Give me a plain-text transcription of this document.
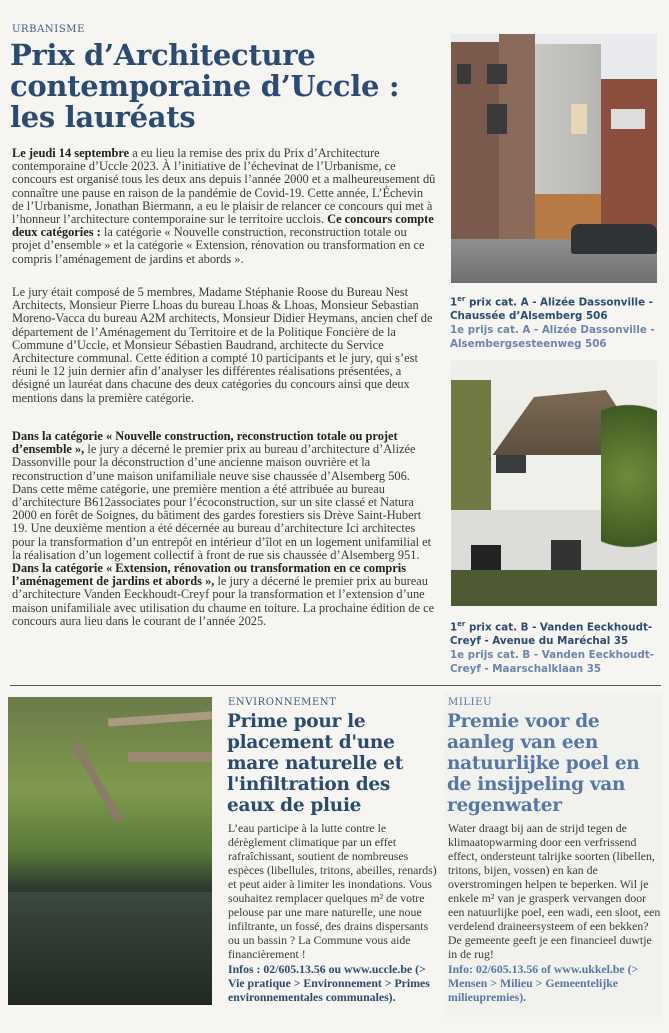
URBANISME
Prix d’Architecture
contemporaine d’Uccle :
les lauréats
Le jeudi 14 septembre a eu lieu la remise des prix du Prix d’Architecture contemporaine d’Uccle 2023. À l’initiative de l’échevinat de l’Urbanisme, ce concours est organisé tous les deux ans depuis l’année 2000 et a malheureusement dû connaître une pause en raison de la pandémie de Covid-19. Cette année, L’Échevin de l’Urbanisme, Jonathan Biermann, a eu le plaisir de relancer ce concours qui met à l’honneur l’architecture contemporaine sur le territoire ucclois. Ce concours compte deux catégories : la catégorie « Nouvelle construction, reconstruction totale ou projet d’ensemble » et la catégorie « Extension, rénovation ou transformation en ce compris l’aménagement de jardins et abords ».
Le jury était composé de 5 membres, Madame Stéphanie Roose du Bureau Nest Architects, Monsieur Pierre Lhoas du bureau Lhoas & Lhoas, Monsieur Sebastian Moreno-Vacca du bureau A2M architects, Monsieur Didier Heymans, ancien chef de département de l’Aménagement du Territoire et de la Politique Foncière de la Commune d’Uccle, et Monsieur Sébastien Baudrand, architecte du Service Architecture communal. Cette édition a compté 10 participants et le jury, qui s’est réuni le 12 juin dernier afin d’analyser les différentes réalisations présentées, a désigné un lauréat dans chacune des deux catégories du concours ainsi que deux mentions dans la première catégorie.
Dans la catégorie « Nouvelle construction, reconstruction totale ou projet d’ensemble », le jury a décerné le premier prix au bureau d’architecture d’Alizée Dassonville pour la déconstruction d’une ancienne maison ouvrière et la reconstruction d’une maison unifamiliale neuve sise chaussée d’Alsemberg 506. Dans cette même catégorie, une première mention a été attribuée au bureau d’architecture B612associates pour l’écoconstruction, sur un site classé et Natura 2000 en forêt de Soignes, du bâtiment des gardes forestiers sis Drève Saint-Hubert 19. Une deuxième mention a été décernée au bureau d’architecture Ici architectes pour la transformation d’un entrepôt en intérieur d’îlot en un logement unifamilial et la réalisation d’un logement collectif à front de rue sis chaussée d’Alsemberg 951. Dans la catégorie « Extension, rénovation ou transformation en ce compris l’aménagement de jardins et abords », le jury a décerné le premier prix au bureau d’architecture Vanden Eeckhoudt-Creyf pour la transformation et l’extension d’une maison unifamiliale avec utilisation du chaume en toiture. La prochaine édition de ce concours aura lieu dans le courant de l’année 2025.
1er prix cat. A - Alizée Dassonville - Chaussée d’Alsemberg 506
1e prijs cat. A - Alizée Dassonville - Alsembergsesteenweg 506
1er prix cat. B - Vanden Eeckhoudt-Creyf - Avenue du Maréchal 35
1e prijs cat. B - Vanden Eeckhoudt-Creyf - Maarschalklaan 35
ENVIRONNEMENT
Prime pour le placement d'une mare naturelle et l'infiltration des eaux de pluie
L’eau participe à la lutte contre le dérèglement climatique par un effet rafraîchissant, soutient de nombreuses espèces (libellules, tritons, abeilles, renards) et peut aider à limiter les inondations. Vous souhaitez remplacer quelques m² de votre pelouse par une mare naturelle, une noue infiltrante, un fossé, des drains dispersants ou un bassin ? La Commune vous aide financièrement !
Infos : 02/605.13.56 ou www.uccle.be (> Vie pratique > Environnement > Primes environnementales communales).
MILIEU
Premie voor de aanleg van een natuurlijke poel en de insijpeling van regenwater
Water draagt bij aan de strijd tegen de klimaatopwarming door een verfrissend effect, ondersteunt talrijke soorten (libellen, tritons, bijen, vossen) en kan de overstromingen helpen te beperken. Wil je enkele m² van je grasperk vervangen door een natuurlijke poel, een wadi, een sloot, een verdelend draineersysteem of een bekken? De gemeente geeft je een financieel duwtje in de rug!
Info: 02/605.13.56 of www.ukkel.be (> Mensen > Milieu > Gemeentelijke milieupremies).
